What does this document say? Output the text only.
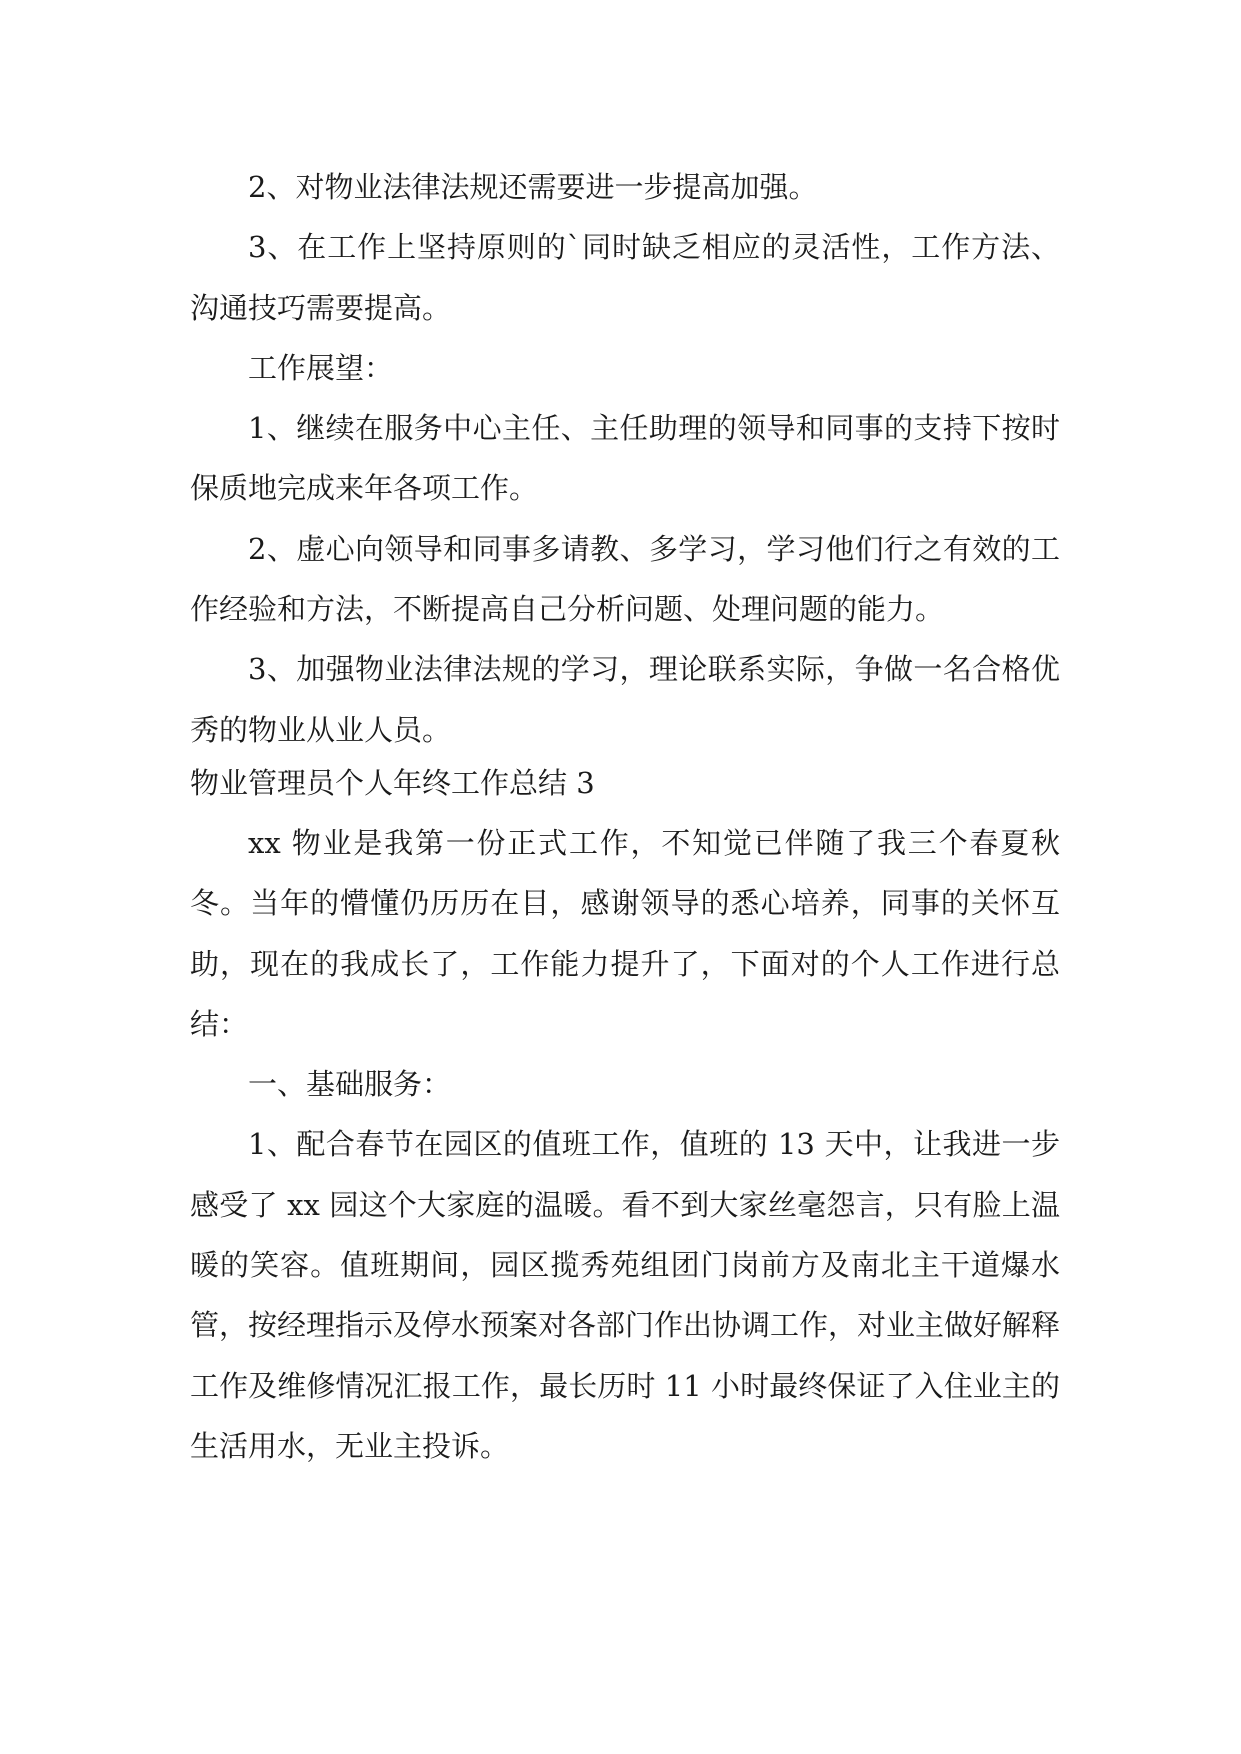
2、对物业法律法规还需要进一步提高加强。

3、在工作上坚持原则的`同时缺乏相应的灵活性，工作方法、沟通技巧需要提高。

工作展望：

1、继续在服务中心主任、主任助理的领导和同事的支持下按时保质地完成来年各项工作。

2、虚心向领导和同事多请教、多学习，学习他们行之有效的工作经验和方法，不断提高自己分析问题、处理问题的能力。

3、加强物业法律法规的学习，理论联系实际，争做一名合格优秀的物业从业人员。

物业管理员个人年终工作总结 3

xx 物业是我第一份正式工作，不知觉已伴随了我三个春夏秋冬。当年的懵懂仍历历在目，感谢领导的悉心培养，同事的关怀互助，现在的我成长了，工作能力提升了，下面对的个人工作进行总结：

一、基础服务：

1、配合春节在园区的值班工作，值班的 13 天中，让我进一步感受了 xx 园这个大家庭的温暖。看不到大家丝毫怨言，只有脸上温暖的笑容。值班期间，园区揽秀苑组团门岗前方及南北主干道爆水管，按经理指示及停水预案对各部门作出协调工作，对业主做好解释工作及维修情况汇报工作，最长历时 11 小时最终保证了入住业主的生活用水，无业主投诉。
